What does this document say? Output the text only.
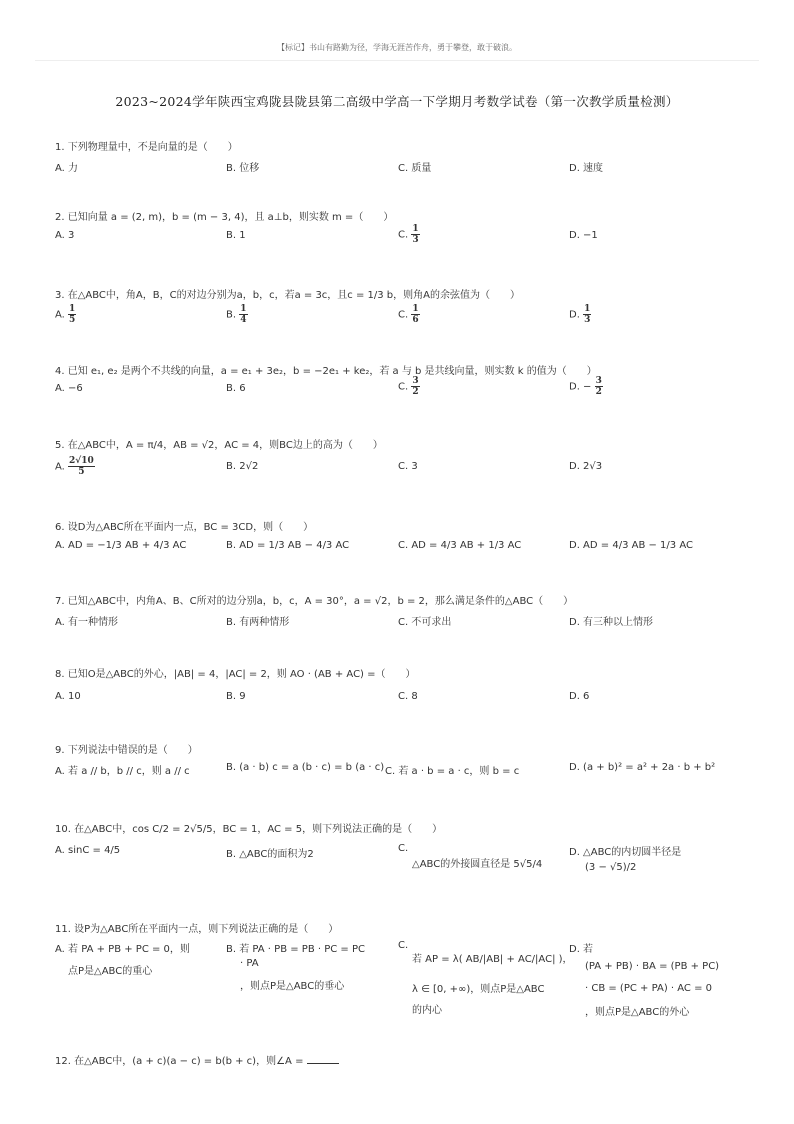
【标记】书山有路勤为径，学海无涯苦作舟，勇于攀登，敢于破浪。
2023~2024学年陕西宝鸡陇县陇县第二高级中学高一下学期月考数学试卷（第一次教学质量检测）
1. 下列物理量中，不是向量的是（　　）
A. 力	B. 位移	C. 质量	D. 速度
2. 已知向量 a = (2, m)，b = (m − 3, 4)，且 a⊥b，则实数 m =（　　）
A. 3	B. 1	C. $\frac{1}{3}$	D. −1
3. 在△ABC中，角A，B，C的对边分别为a，b，c，若a = 3c，且c = 1/3 b，则角A的余弦值为（　　）
A. $\frac{1}{5}$	B. $\frac{1}{4}$	C. $\frac{1}{6}$	D. $\frac{1}{3}$
4. 已知 e₁, e₂ 是两个不共线的向量，a = e₁ + 3e₂，b = −2e₁ + ke₂，若 a 与 b 是共线向量，则实数 k 的值为（　　）
A. −6	B. 6	C. $\frac{3}{2}$	D. − $\frac{3}{2}$
5. 在△ABC中，A = π/4，AB = √2，AC = 4，则BC边上的高为（　　）
A. $\frac{2√10}{5}$	B. 2√2	C. 3	D. 2√3
6. 设D为△ABC所在平面内一点，BC = 3CD，则（　　）
A. AD = −1/3 AB + 4/3 AC	B. AD = 1/3 AB − 4/3 AC	C. AD = 4/3 AB + 1/3 AC	D. AD = 4/3 AB − 1/3 AC
7. 已知△ABC中，内角A、B、C所对的边分别a，b，c，A = 30°，a = √2，b = 2，那么满足条件的△ABC（　　）
A. 有一种情形	B. 有两种情形	C. 不可求出	D. 有三种以上情形
8. 已知O是△ABC的外心，|AB| = 4，|AC| = 2，则 AO · (AB + AC) =（　　）
A. 10	B. 9	C. 8	D. 6
9. 下列说法中错误的是（　　）
A. 若 a // b，b // c，则 a // c	B. (a · b) c = a (b · c) = b (a · c) C. 若 a · b = a · c，则 b = c	D. (a + b)² = a² + 2a · b + b²
10. 在△ABC中，cos C/2 = 2√5/5，BC = 1，AC = 5，则下列说法正确的是（　　）
A. sinC = 4/5	B. △ABC的面积为2
C.
△ABC的外接圆直径是 5√5/4
D. △ABC的内切圆半径是
(3 − √5)/2
11. 设P为△ABC所在平面内一点，则下列说法正确的是（　　）
A. 若 PA + PB + PC = 0，则
点P是△ABC的重心
B. 若 PA · PB = PB · PC = PC
· PA
，则点P是△ABC的垂心
C.
若 AP = λ( AB/|AB| + AC/|AC| )，
λ ∈ [0, +∞)，则点P是△ABC
的内心
D. 若
(PA + PB) · BA = (PB + PC)
· CB = (PC + PA) · AC = 0
，则点P是△ABC的外心
12. 在△ABC中，(a + c)(a − c) = b(b + c)，则∠A =
